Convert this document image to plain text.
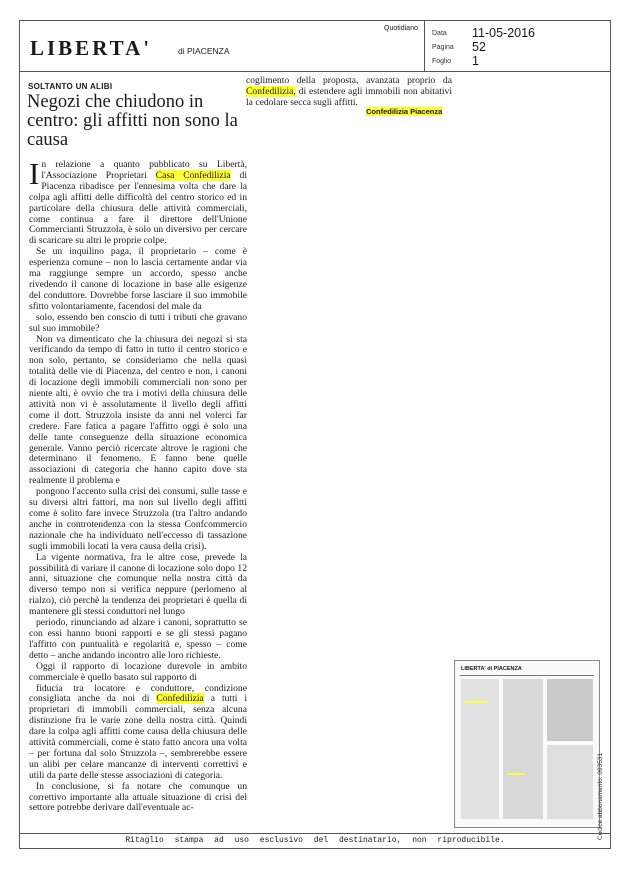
LIBERTA'	di PIACENZA
Quotidiano
Data	11-05-2016
Pagina	52
Foglio	1
SOLTANTO UN ALIBI
Negozi che chiudono in centro: gli affitti non sono la causa

In relazione a quanto pubblicato su Libertà, l'Associazione Proprietari Casa Confedilizia di Piacenza ribadisce per l'ennesima volta che dare la colpa agli affitti delle difficoltà del centro storico ed in particolare della chiusura delle attività commerciali, come continua a fare il direttore dell'Unione Commercianti Struzzola, è solo un diversivo per cercare di scaricare su altri le proprie colpe.

Se un inquilino paga, il proprietario – come è esperienza comune – non lo lascia certamente andar via ma raggiunge sempre un accordo, spesso anche rivedendo il canone di locazione in base alle esigenze del conduttore. Dovrebbe forse lasciare il suo immobile sfitto volontariamente, facendosi del male da

solo, essendo ben conscio di tutti i tributi che gravano sul suo immobile?

Non va dimenticato che la chiusura dei negozi si sta verificando da tempo di fatto in tutto il centro storico e non solo, pertanto, se consideriamo che nella quasi totalità delle vie di Piacenza, del centro e non, i canoni di locazione degli immobili commerciali non sono per niente alti, è ovvio che tra i motivi della chiusura delle attività non vi è assolutamente il livello degli affitti come il dott. Struzzola insiste da anni nel volerci far credere. Fare fatica a pagare l'affitto oggi è solo una delle tante conseguenze della situazione economica generale. Vanno perciò ricercate altrove le ragioni che determinano il fenomeno. E fanno bene quelle associazioni di categoria che hanno capito dove sta realmente il problema e

pongono l'accento sulla crisi dei consumi, sulle tasse e su diversi altri fattori, ma non sul livello degli affitti come è solito fare invece Struzzola (tra l'altro andando anche in controtendenza con la stessa Confcommercio nazionale che ha individuato nell'eccesso di tassazione sugli immobili locati la vera causa della crisi).

La vigente normativa, fra le altre cose, prevede la possibilità di variare il canone di locazione solo dopo 12 anni, situazione che comunque nella nostra città da diverso tempo non si verifica neppure (perlomeno al rialzo), ciò perchè la tendenza dei proprietari è quella di mantenere gli stessi conduttori nel lungo

periodo, rinunciando ad alzare i canoni, soprattutto se con essi hanno buoni rapporti e se gli stessi pagano l'affitto con puntualità e regolarità e, spesso – come detto – anche andando incontro alle loro richieste.

Oggi il rapporto di locazione durevole in ambito commerciale è quello basato sul rapporto di

fiducia tra locatore e conduttore, condizione consigliata anche da noi di Confedilizia a tutti i proprietari di immobili commerciali, senza alcuna distinzione fra le varie zone della nostra città. Quindi dare la colpa agli affitti come causa della chiusura delle attività commerciali, come è stato fatto ancora una volta – per fortuna dal solo Struzzola –, sembrerebbe essere un alibi per celare mancanze di interventi correttivi e utili da parte delle stesse associazioni di categoria.

In conclusione, si fa notare che comunque un correttivo importante alla attuale situazione di crisi del settore potrebbe derivare dall'eventuale ac-

coglimento della proposta, avanzata proprio da Confedilizia, di estendere agli immobili non abitativi la cedolare secca sugli affitti.
Confedilizia Piacenza
LIBERTA' di PIACENZA
Codice abbonamento: 093531
Ritaglio stampa ad uso esclusivo del destinatario, non riproducibile.
